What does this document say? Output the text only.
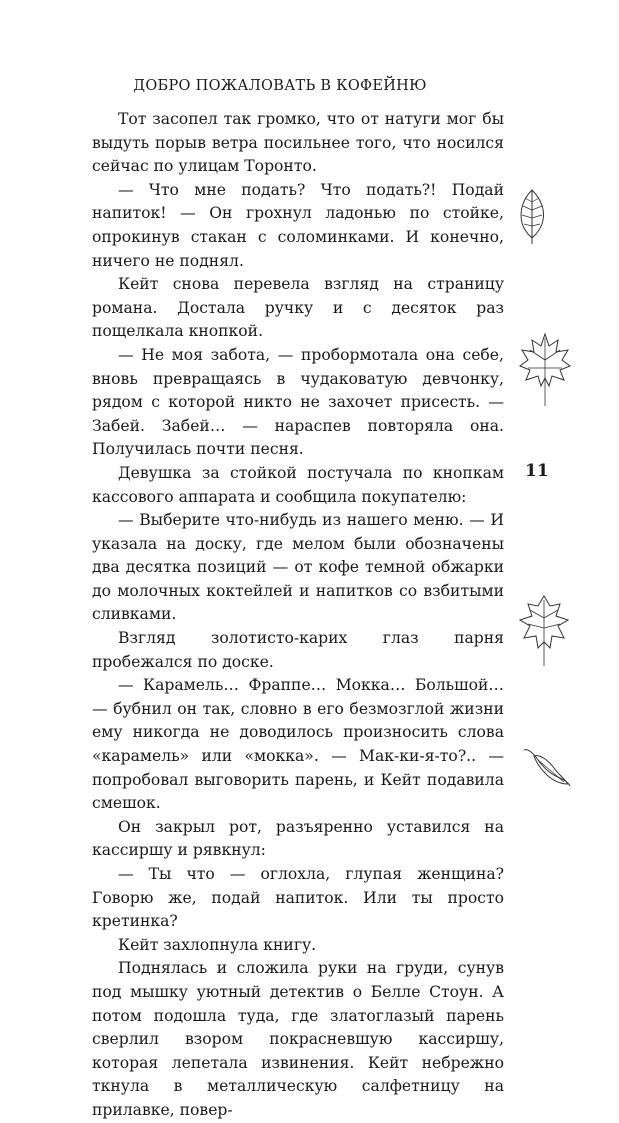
ДОБРО ПОЖАЛОВАТЬ В КОФЕЙНЮ

Тот засопел так громко, что от натуги мог бы выдуть порыв ветра посильнее того, что носился сейчас по улицам Торонто.

— Что мне подать? Что подать?! Подай напиток! — Он грохнул ладонью по стойке, опрокинув стакан с соломинками. И конечно, ничего не поднял.

Кейт снова перевела взгляд на страницу романа. Достала ручку и с десяток раз пощелкала кнопкой.

— Не моя забота, — пробормотала она себе, вновь превращаясь в чудаковатую девчонку, рядом с которой никто не захочет присесть. — Забей. Забей… — нараспев повторяла она. Получилась почти песня.

Девушка за стойкой постучала по кнопкам кассового аппарата и сообщила покупателю:

— Выберите что-нибудь из нашего меню. — И указала на доску, где мелом были обозначены два десятка позиций — от кофе темной обжарки до молочных коктейлей и напитков со взбитыми сливками.

Взгляд золотисто-карих глаз парня пробежался по доске.

— Карамель… Фраппе… Мокка… Большой… — бубнил он так, словно в его безмозглой жизни ему никогда не доводилось произносить слова «карамель» или «мокка». — Мак-ки-я-то?.. — попробовал выговорить парень, и Кейт подавила смешок.

Он закрыл рот, разъяренно уставился на кассиршу и рявкнул:

— Ты что — оглохла, глупая женщина? Говорю же, подай напиток. Или ты просто кретинка?

Кейт захлопнула книгу.

Поднялась и сложила руки на груди, сунув под мышку уютный детектив о Белле Стоун. А потом подошла туда, где златоглазый парень сверлил взором покрасневшую кассиршу, которая лепетала извинения. Кейт небрежно ткнула в металлическую салфетницу на прилавке, повер-

11
